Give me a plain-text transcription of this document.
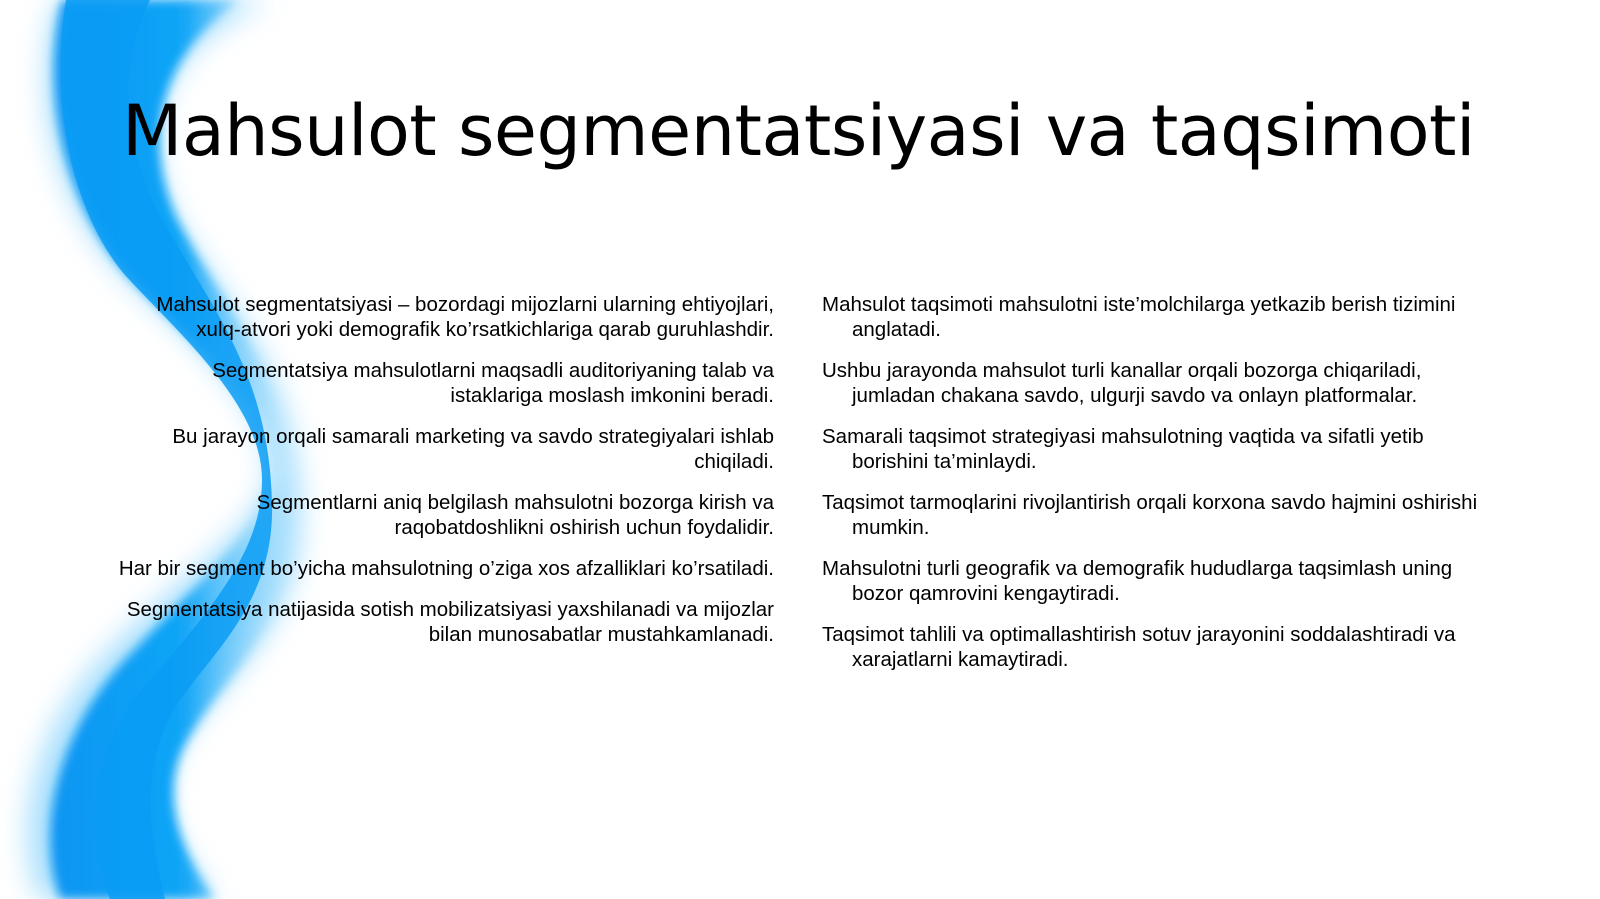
Mahsulot segmentatsiyasi va taqsimoti
Mahsulot segmentatsiyasi – bozordagi mijozlarni ularning ehtiyojlari, xulq-atvori yoki demografik ko’rsatkichlariga qarab guruhlashdir.
Segmentatsiya mahsulotlarni maqsadli auditoriyaning talab va istaklariga moslash imkonini beradi.
Bu jarayon orqali samarali marketing va savdo strategiyalari ishlab chiqiladi.
Segmentlarni aniq belgilash mahsulotni bozorga kirish va raqobatdoshlikni oshirish uchun foydalidir.
Har bir segment bo’yicha mahsulotning o’ziga xos afzalliklari ko’rsatiladi.
Segmentatsiya natijasida sotish mobilizatsiyasi yaxshilanadi va mijozlar bilan munosabatlar mustahkamlanadi.
Mahsulot taqsimoti mahsulotni iste’molchilarga yetkazib berish tizimini anglatadi.
Ushbu jarayonda mahsulot turli kanallar orqali bozorga chiqariladi, jumladan chakana savdo, ulgurji savdo va onlayn platformalar.
Samarali taqsimot strategiyasi mahsulotning vaqtida va sifatli yetib borishini ta’minlaydi.
Taqsimot tarmoqlarini rivojlantirish orqali korxona savdo hajmini oshirishi mumkin.
Mahsulotni turli geografik va demografik hududlarga taqsimlash uning bozor qamrovini kengaytiradi.
Taqsimot tahlili va optimallashtirish sotuv jarayonini soddalashtiradi va xarajatlarni kamaytiradi.
